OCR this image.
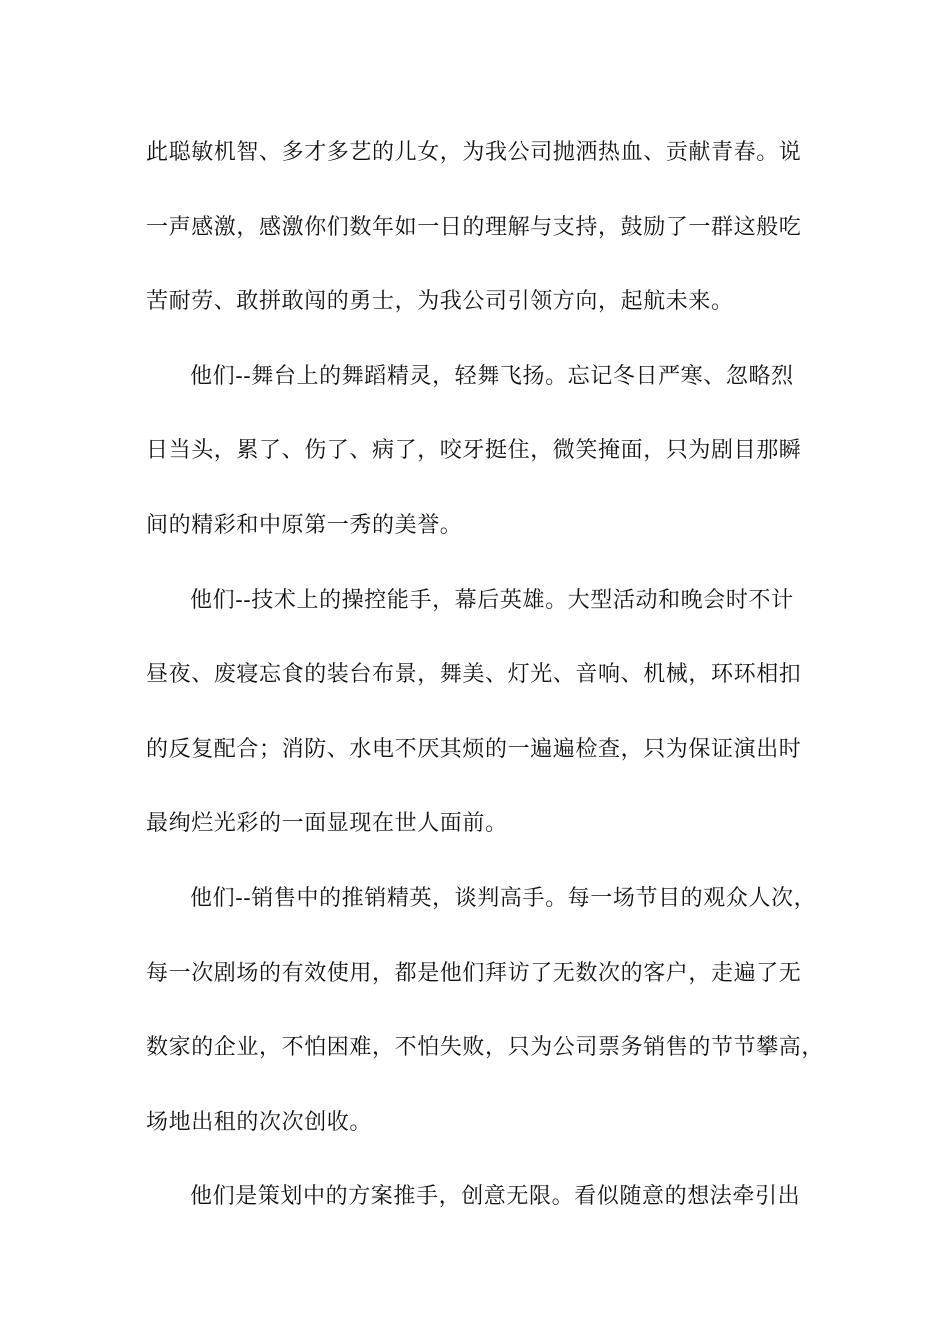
此聪敏机智、多才多艺的儿女，为我公司抛洒热血、贡献青春。说
一声感激，感激你们数年如一日的理解与支持，鼓励了一群这般吃
苦耐劳、敢拼敢闯的勇士，为我公司引领方向，起航未来。
他们--舞台上的舞蹈精灵，轻舞飞扬。忘记冬日严寒、忽略烈
日当头，累了、伤了、病了，咬牙挺住，微笑掩面，只为剧目那瞬
间的精彩和中原第一秀的美誉。
他们--技术上的操控能手，幕后英雄。大型活动和晚会时不计
昼夜、废寝忘食的装台布景，舞美、灯光、音响、机械，环环相扣
的反复配合；消防、水电不厌其烦的一遍遍检查，只为保证演出时
最绚烂光彩的一面显现在世人面前。
他们--销售中的推销精英，谈判高手。每一场节目的观众人次，
每一次剧场的有效使用，都是他们拜访了无数次的客户，走遍了无
数家的企业，不怕困难，不怕失败，只为公司票务销售的节节攀高，
场地出租的次次创收。
他们是策划中的方案推手，创意无限。看似随意的想法牵引出
